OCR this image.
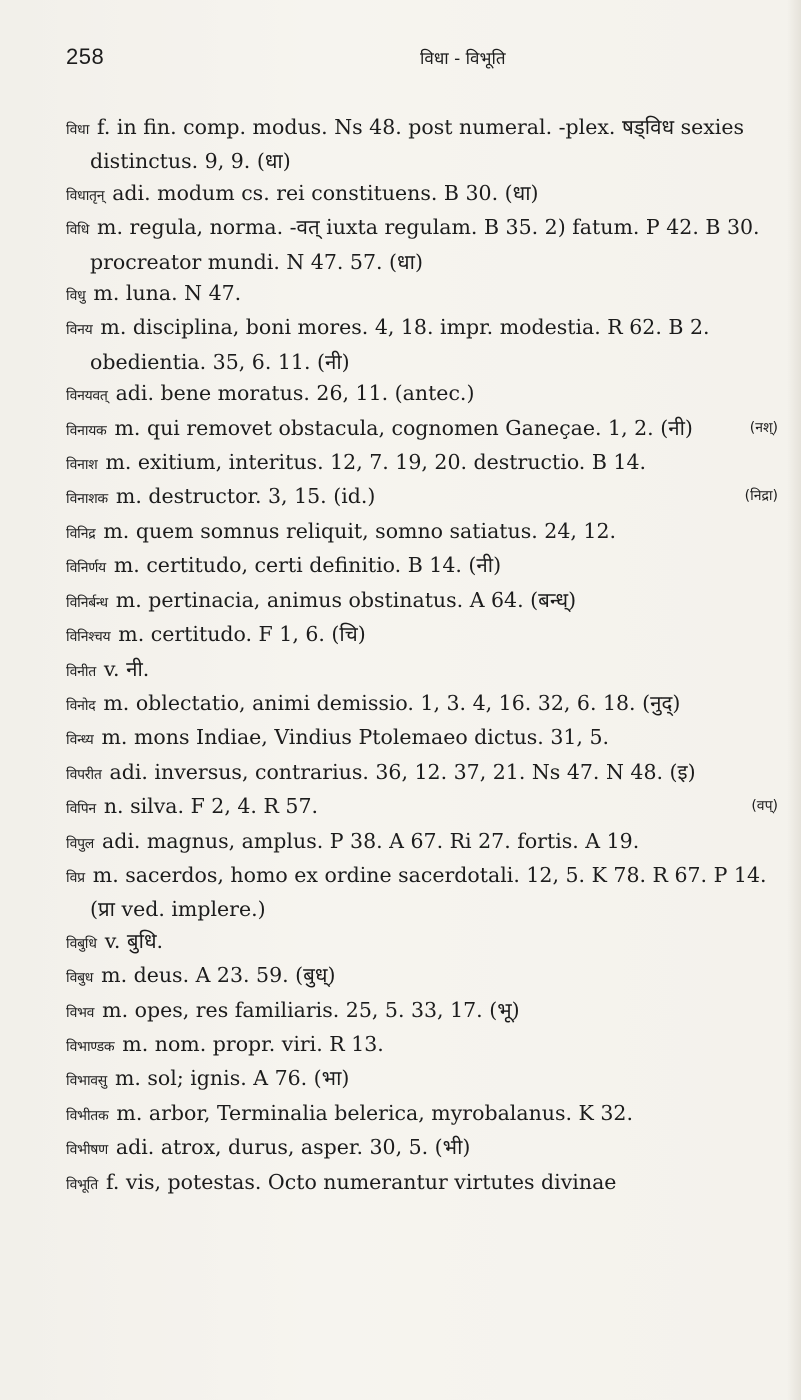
258	विधा - विभूति
विधा f. in fin. comp. modus. Ns 48. post numeral. -plex. षड्विध sexies distinctus. 9, 9. (धा)
विधातृन् adi. modum cs. rei constituens. B 30. (धा)
विधि m. regula, norma. -वत् iuxta regulam. B 35. 2) fatum. P 42. B 30. procreator mundi. N 47. 57. (धा)
विधु m. luna. N 47.
विनय m. disciplina, boni mores. 4, 18. impr. modestia. R 62. B 2. obedientia. 35, 6. 11. (नी)
विनयवत् adi. bene moratus. 26, 11. (antec.)
विनायक m. qui removet obstacula, cognomen Ganeçae. 1, 2. (नी)	(नश्)
विनाश m. exitium, interitus. 12, 7. 19, 20. destructio. B 14.
विनाशक m. destructor. 3, 15. (id.)	(निद्रा)
विनिद्र m. quem somnus reliquit, somno satiatus. 24, 12.
विनिर्णय m. certitudo, certi definitio. B 14. (नी)
विनिर्बन्ध m. pertinacia, animus obstinatus. A 64. (बन्ध्)
विनिश्चय m. certitudo. F 1, 6. (चि)
विनीत v. नी.
विनोद m. oblectatio, animi demissio. 1, 3. 4, 16. 32, 6. 18. (नुद्)
विन्ध्य m. mons Indiae, Vindius Ptolemaeo dictus. 31, 5.
विपरीत adi. inversus, contrarius. 36, 12. 37, 21. Ns 47. N 48. (इ)
विपिन n. silva. F 2, 4. R 57.	(वप्)
विपुल adi. magnus, amplus. P 38. A 67. Ri 27. fortis. A 19.
विप्र m. sacerdos, homo ex ordine sacerdotali. 12, 5. K 78. R 67. P 14. (प्रा ved. implere.)
विबुधि v. बुधि.
विबुध m. deus. A 23. 59. (बुध्)
विभव m. opes, res familiaris. 25, 5. 33, 17. (भू)
विभाण्डक m. nom. propr. viri. R 13.
विभावसु m. sol; ignis. A 76. (भा)
विभीतक m. arbor, Terminalia belerica, myrobalanus. K 32.
विभीषण adi. atrox, durus, asper. 30, 5. (भी)
विभूति f. vis, potestas. Octo numerantur virtutes divinae
